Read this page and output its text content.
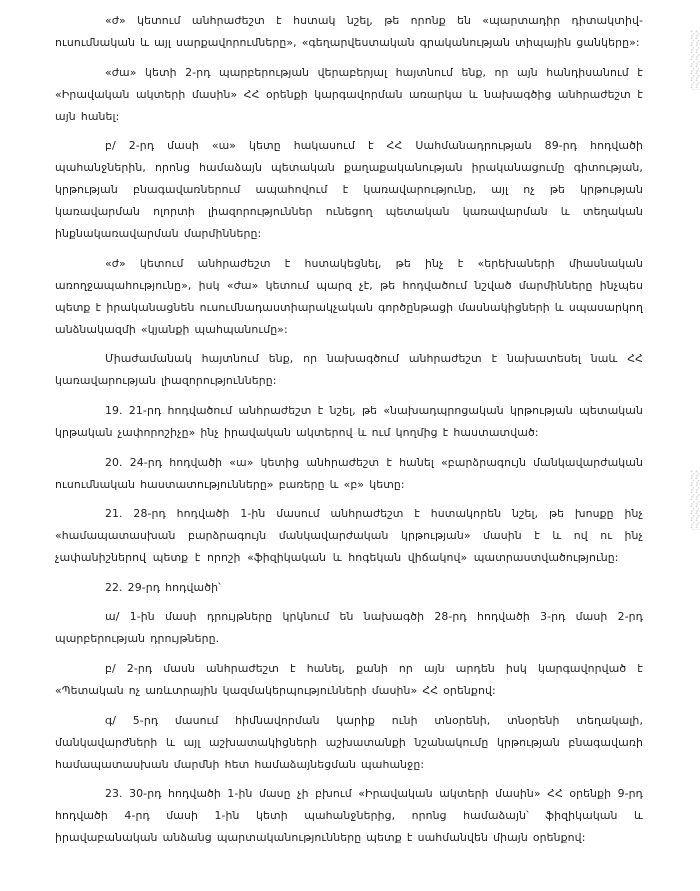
«ժ» կետում անհրաժեշտ է հստակ նշել, թե որոնք են «պարտադիր դիտակտիվ-ուսումնական և այլ սարքավորումները», «գեղարվեստական գրականության տիպային ցանկերը»:

«ժա» կետի 2-րդ պարբերության վերաբերյալ հայտնում ենք, որ այն հանդիսանում է «Իրավական ակտերի մասին» ՀՀ օրենքի կարգավորման առարկա և նախագծից անհրաժեշտ է այն հանել:

բ/ 2-րդ մասի «ա» կետը հակասում է ՀՀ Սահմանադրության 89-րդ հոդվածի պահանջներին, որոնց համաձայն պետական քաղաքականության իրականացումը գիտության, կրթության բնագավառներում ապահովում է կառավարությունը, այլ ոչ թե կրթության կառավարման ոլորտի լիազորություններ ունեցող պետական կառավարման և տեղական ինքնակառավարման մարմինները:

«ժ» կետում անհրաժեշտ է հստակեցնել, թե ինչ է «երեխաների միասնական առողջապահությունը», իսկ «ժա» կետում պարզ չէ, թե հոդվածում նշված մարմինները ինչպես պետք է իրականացնեն ուսումնադաստիարակչական գործընթացի մասնակիցների և սպասարկող անձնակազմի «կյանքի պահպանումը»:

Միաժամանակ հայտնում ենք, որ նախագծում անհրաժեշտ է նախատեսել նաև ՀՀ կառավարության լիազորությունները:

19. 21-րդ հոդվածում անհրաժեշտ է նշել, թե «նախադպրոցական կրթության պետական կրթական չափորոշիչը» ինչ իրավական ակտերով և ում կողմից է հաստատված:

20. 24-րդ հոդվածի «ա» կետից անհրաժեշտ է հանել «բարձրագույն մանկավարժական ուսումնական հաստատությունները» բառերը և «բ» կետը:

21. 28-րդ հոդվածի 1-ին մասում անհրաժեշտ է հստակորեն նշել, թե խոսքը ինչ «համապատասխան բարձրագույն մանկավարժական կրթության» մասին է և ով ու ինչ չափանիշներով պետք է որոշի «ֆիզիկական և հոգեկան վիճակով» պատրաստվածությունը:

22. 29-րդ հոդվածի՝

ա/ 1-ին մասի դրույթները կրկնում են նախագծի 28-րդ հոդվածի 3-րդ մասի 2-րդ պարբերության դրույթները.

բ/ 2-րդ մասն անհրաժեշտ է հանել, քանի որ այն արդեն իսկ կարգավորված է «Պետական ոչ առևտրային կազմակերպությունների մասին» ՀՀ օրենքով:

գ/ 5-րդ մասում հիմնավորման կարիք ունի տնօրենի, տնօրենի տեղակալի, մանկավարժների և այլ աշխատակիցների աշխատանքի նշանակումը կրթության բնագավառի համապատասխան մարմնի հետ համաձայնեցման պահանջը:

23. 30-րդ հոդվածի 1-ին մասը չի բխում «Իրավական ակտերի մասին» ՀՀ օրենքի 9-րդ հոդվածի 4-րդ մասի 1-ին կետի պահանջներից, որոնց համաձայն՝ ֆիզիկական և իրավաբանական անձանց պարտականությունները պետք է սահմանվեն միայն օրենքով:
